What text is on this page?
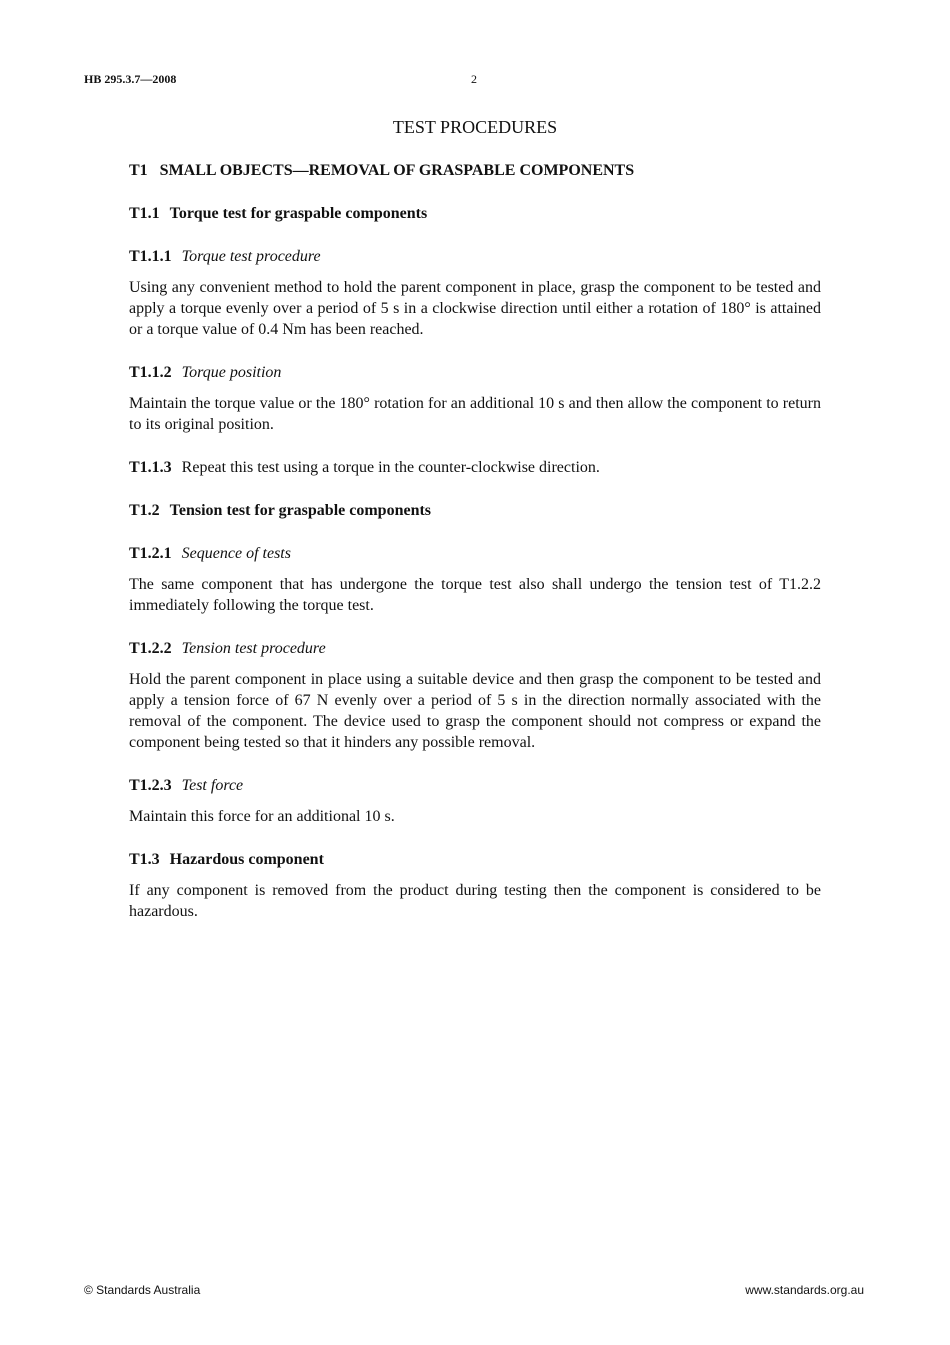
HB 295.3.7—2008	2
TEST PROCEDURES
T1 SMALL OBJECTS—REMOVAL OF GRASPABLE COMPONENTS
T1.1 Torque test for graspable components
T1.1.1 Torque test procedure

Using any convenient method to hold the parent component in place, grasp the component to be tested and apply a torque evenly over a period of 5 s in a clockwise direction until either a rotation of 180° is attained or a torque value of 0.4 Nm has been reached.

T1.1.2 Torque position

Maintain the torque value or the 180° rotation for an additional 10 s and then allow the component to return to its original position.

T1.1.3 Repeat this test using a torque in the counter-clockwise direction.
T1.2 Tension test for graspable components
T1.2.1 Sequence of tests

The same component that has undergone the torque test also shall undergo the tension test of T1.2.2 immediately following the torque test.

T1.2.2 Tension test procedure

Hold the parent component in place using a suitable device and then grasp the component to be tested and apply a tension force of 67 N evenly over a period of 5 s in the direction normally associated with the removal of the component. The device used to grasp the component should not compress or expand the component being tested so that it hinders any possible removal.

T1.2.3 Test force

Maintain this force for an additional 10 s.

T1.3 Hazardous component

If any component is removed from the product during testing then the component is considered to be hazardous.

© Standards Australia	www.standards.org.au
